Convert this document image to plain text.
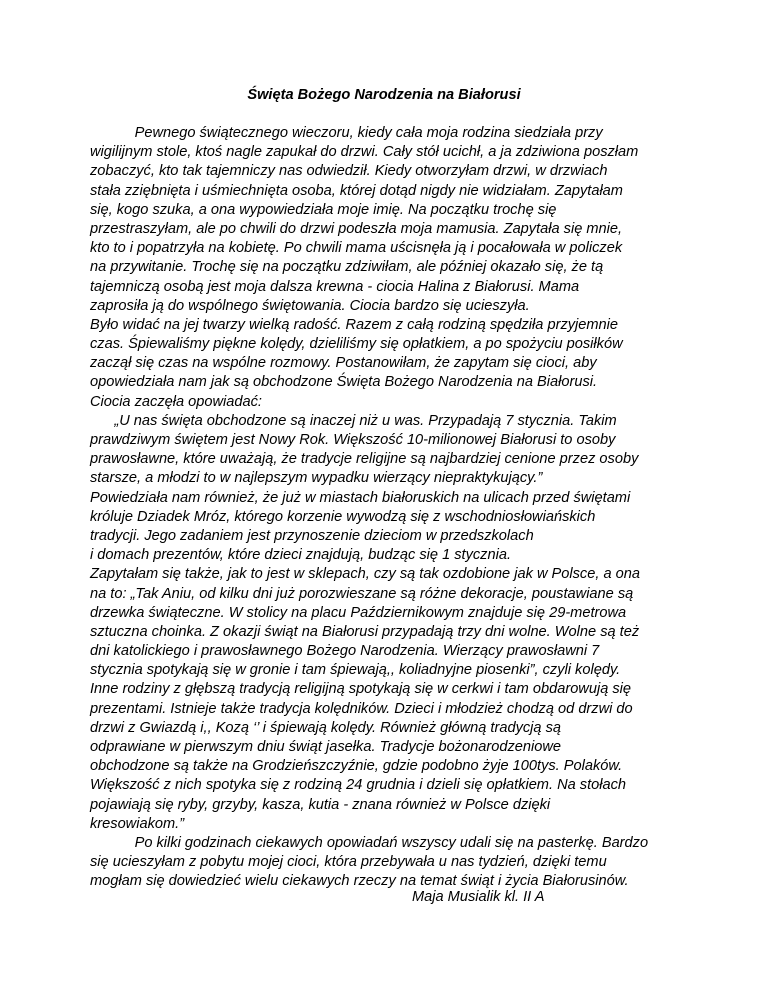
Święta Bożego Narodzenia na Białorusi
Pewnego świątecznego wieczoru, kiedy cała moja rodzina siedziała przy
wigilijnym stole, ktoś nagle zapukał do drzwi. Cały stół ucichł, a ja zdziwiona poszłam
zobaczyć, kto tak tajemniczy nas odwiedził. Kiedy otworzyłam drzwi, w drzwiach
stała zziębnięta i uśmiechnięta osoba, której dotąd nigdy nie widziałam. Zapytałam
się, kogo szuka, a ona wypowiedziała moje imię. Na początku trochę się
przestraszyłam, ale po chwili do drzwi podeszła moja mamusia. Zapytała się mnie,
kto to i popatrzyła na kobietę. Po chwili mama uścisnęła ją i pocałowała w policzek
na przywitanie. Trochę się na początku zdziwiłam, ale później okazało się, że tą
tajemniczą osobą jest moja dalsza krewna - ciocia Halina z Białorusi. Mama
zaprosiła ją do wspólnego świętowania. Ciocia bardzo się ucieszyła.
Było widać na jej twarzy wielką radość. Razem z całą rodziną spędziła przyjemnie
czas. Śpiewaliśmy piękne kolędy, dzieliliśmy się opłatkiem, a po spożyciu posiłków
zaczął się czas na wspólne rozmowy. Postanowiłam, że zapytam się cioci, aby
opowiedziała nam jak są obchodzone Święta Bożego Narodzenia na Białorusi.
Ciocia zaczęła opowiadać:
„U nas święta obchodzone są inaczej niż u was. Przypadają 7 stycznia. Takim
prawdziwym świętem jest Nowy Rok. Większość 10-milionowej Białorusi to osoby
prawosławne, które uważają, że tradycje religijne są najbardziej cenione przez osoby
starsze, a młodzi to w najlepszym wypadku wierzący niepraktykujący.”
Powiedziała nam również, że już w miastach białoruskich na ulicach przed świętami
króluje Dziadek Mróz, którego korzenie wywodzą się z wschodniosłowiańskich
tradycji. Jego zadaniem jest przynoszenie dzieciom w przedszkolach
i domach prezentów, które dzieci znajdują, budząc się 1 stycznia.
Zapytałam się także, jak to jest w sklepach, czy są tak ozdobione jak w Polsce, a ona
na to: „Tak Aniu, od kilku dni już porozwieszane są różne dekoracje, poustawiane są
drzewka świąteczne. W stolicy na placu Październikowym znajduje się 29-metrowa
sztuczna choinka. Z okazji świąt na Białorusi przypadają trzy dni wolne. Wolne są też
dni katolickiego i prawosławnego Bożego Narodzenia. Wierzący prawosławni 7
stycznia spotykają się w gronie i tam śpiewają,, koliadnyjne piosenki”, czyli kolędy.
Inne rodziny z głębszą tradycją religijną spotykają się w cerkwi i tam obdarowują się
prezentami. Istnieje także tradycja kolędników. Dzieci i młodzież chodzą od drzwi do
drzwi z Gwiazdą i,, Kozą ‘’ i śpiewają kolędy. Również główną tradycją są
odprawiane w pierwszym dniu świąt jasełka. Tradycje bożonarodzeniowe
obchodzone są także na Grodzieńszczyźnie, gdzie podobno żyje 100tys. Polaków.
Większość z nich spotyka się z rodziną 24 grudnia i dzieli się opłatkiem. Na stołach
pojawiają się ryby, grzyby, kasza, kutia - znana również w Polsce dzięki
kresowiakom.”
Po kilki godzinach ciekawych opowiadań wszyscy udali się na pasterkę. Bardzo
się ucieszyłam z pobytu mojej cioci, która przebywała u nas tydzień, dzięki temu
mogłam się dowiedzieć wielu ciekawych rzeczy na temat świąt i życia Białorusinów.
Maja Musialik kl. II A
